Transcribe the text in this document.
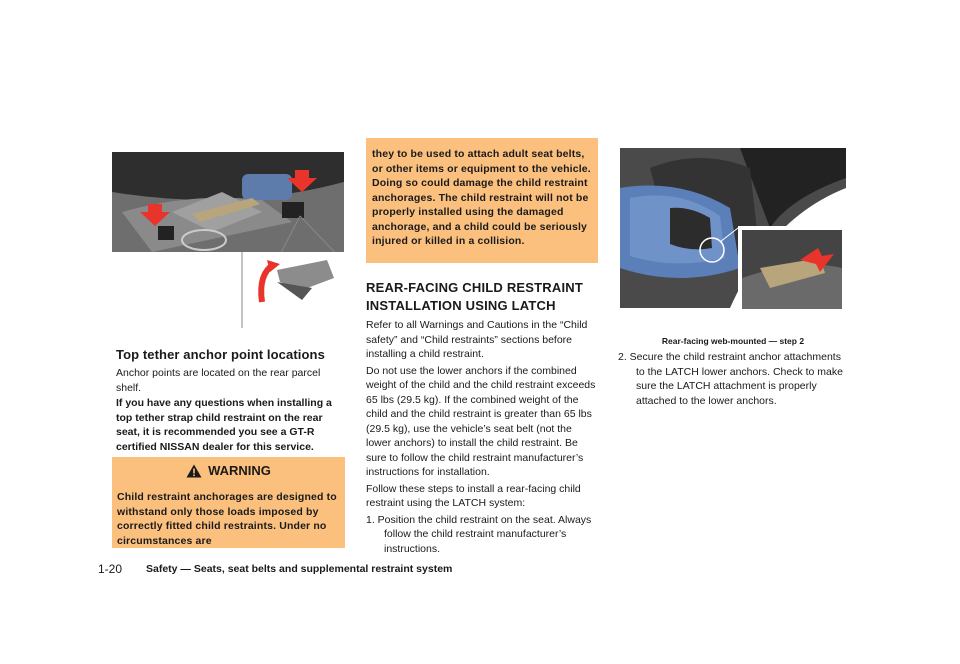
Top tether anchor point locations
Anchor points are located on the rear parcel shelf.
If you have any questions when installing a top tether strap child restraint on the rear seat, it is recommended you see a GT-R certified NISSAN dealer for this service.
WARNING
Child restraint anchorages are designed to withstand only those loads imposed by correctly fitted child restraints. Under no circumstances are
they to be used to attach adult seat belts, or other items or equipment to the vehicle. Doing so could damage the child restraint anchorages. The child restraint will not be properly installed using the damaged anchorage, and a child could be seriously injured or killed in a collision.
REAR-FACING CHILD RESTRAINT INSTALLATION USING LATCH

Refer to all Warnings and Cautions in the “Child safety” and “Child restraints” sections before installing a child restraint.

Do not use the lower anchors if the combined weight of the child and the child restraint exceeds 65 lbs (29.5 kg). If the combined weight of the child and the child restraint is greater than 65 lbs (29.5 kg), use the vehicle’s seat belt (not the lower anchors) to install the child restraint. Be sure to follow the child restraint manufacturer’s instructions for installation.

Follow these steps to install a rear-facing child restraint using the LATCH system:

1. Position the child restraint on the seat. Always follow the child restraint manufacturer’s instructions.

Rear-facing web-mounted — step 2

2. Secure the child restraint anchor attachments to the LATCH lower anchors. Check to make sure the LATCH attachment is properly attached to the lower anchors.

1-20 Safety — Seats, seat belts and supplemental restraint system
